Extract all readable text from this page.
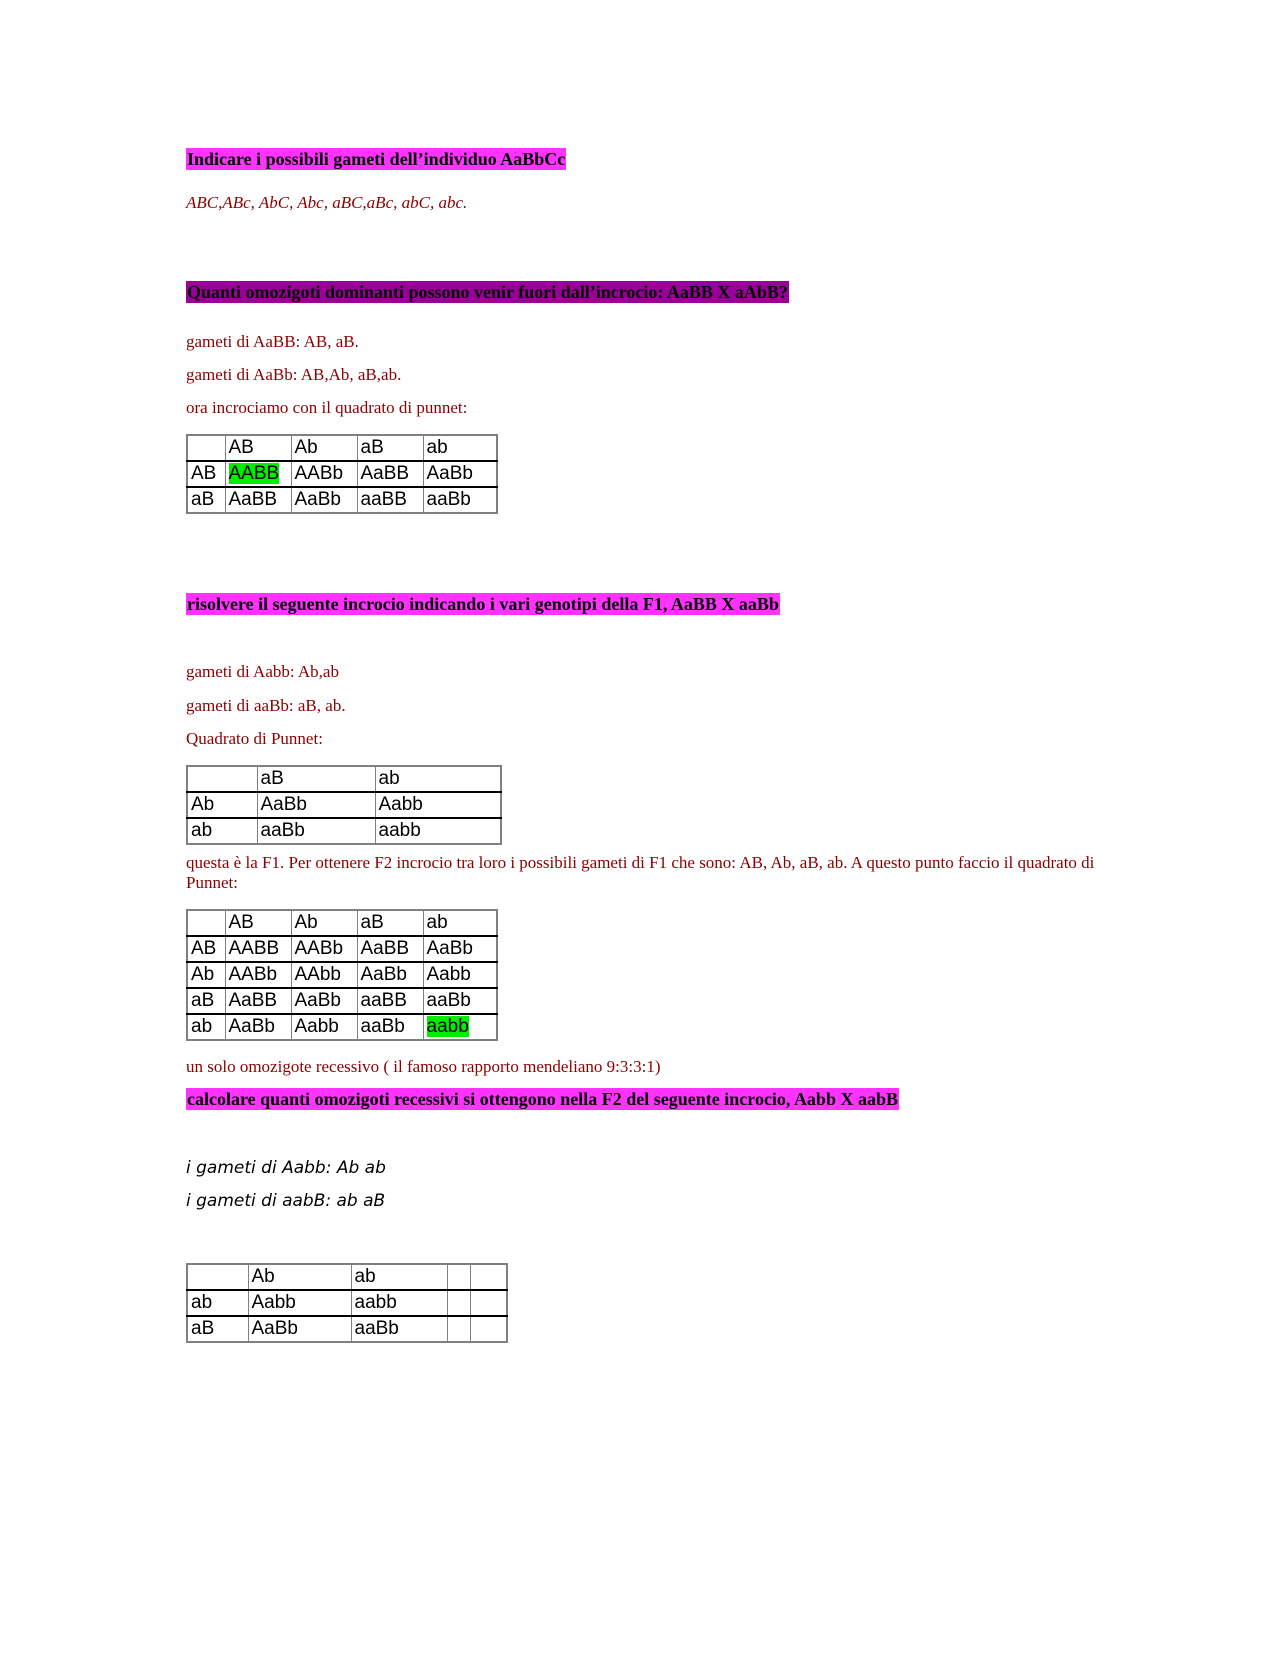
Indicare i possibili gameti dell’individuo AaBbCc
ABC,ABc, AbC, Abc, aBC,aBc, abC, abc.
Quanti omozigoti dominanti possono venir fuori dall’incrocio: AaBB X aAbB?
gameti di AaBB: AB, aB.
gameti di AaBb: AB,Ab, aB,ab.
ora incrociamo con il quadrato di punnet:
	AB	Ab	aB	ab
AB	AABB	AABb	AaBB	AaBb
aB	AaBB	AaBb	aaBB	aaBb
risolvere il seguente incrocio indicando i vari genotipi della F1, AaBB X aaBb
gameti di Aabb: Ab,ab
gameti di aaBb: aB, ab.
Quadrato di Punnet:
	aB	ab
Ab	AaBb	Aabb
ab	aaBb	aabb
questa è la F1. Per ottenere F2 incrocio tra loro i possibili gameti di F1 che sono: AB, Ab, aB, ab. A questo punto faccio il quadrato di Punnet:
	AB	Ab	aB	ab
AB	AABB	AABb	AaBB	AaBb
Ab	AABb	AAbb	AaBb	Aabb
aB	AaBB	AaBb	aaBB	aaBb
ab	AaBb	Aabb	aaBb	aabb
un solo omozigote recessivo ( il famoso rapporto mendeliano 9:3:3:1)
calcolare quanti omozigoti recessivi si ottengono nella F2 del seguente incrocio, Aabb X aabB
i gameti di Aabb: Ab ab
i gameti di aabB: ab aB
	Ab	ab		
ab	Aabb	aabb		
aB	AaBb	aaBb		
